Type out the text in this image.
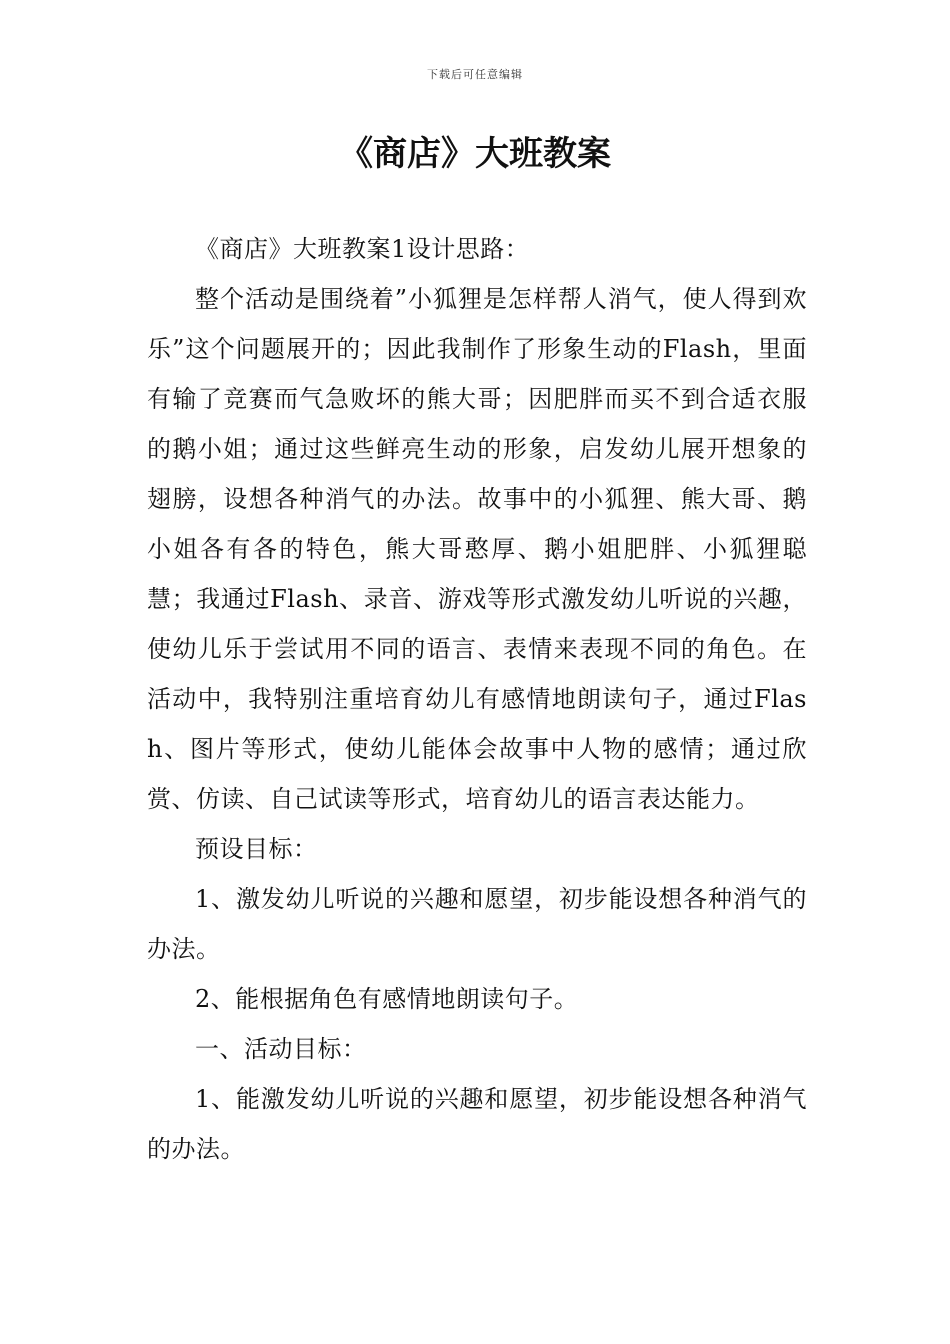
下载后可任意编辑
《商店》大班教案

《商店》大班教案1设计思路：

整个活动是围绕着”小狐狸是怎样帮人消气，使人得到欢乐”这个问题展开的；因此我制作了形象生动的Flash，里面有输了竞赛而气急败坏的熊大哥；因肥胖而买不到合适衣服的鹅小姐；通过这些鲜亮生动的形象，启发幼儿展开想象的翅膀，设想各种消气的办法。故事中的小狐狸、熊大哥、鹅小姐各有各的特色，熊大哥憨厚、鹅小姐肥胖、小狐狸聪慧；我通过Flash、录音、游戏等形式激发幼儿听说的兴趣，使幼儿乐于尝试用不同的语言、表情来表现不同的角色。在活动中，我特别注重培育幼儿有感情地朗读句子，通过Flash、图片等形式，使幼儿能体会故事中人物的感情；通过欣赏、仿读、自己试读等形式，培育幼儿的语言表达能力。

预设目标：

1、激发幼儿听说的兴趣和愿望，初步能设想各种消气的办法。

2、能根据角色有感情地朗读句子。

一、活动目标：

1、能激发幼儿听说的兴趣和愿望，初步能设想各种消气的办法。
